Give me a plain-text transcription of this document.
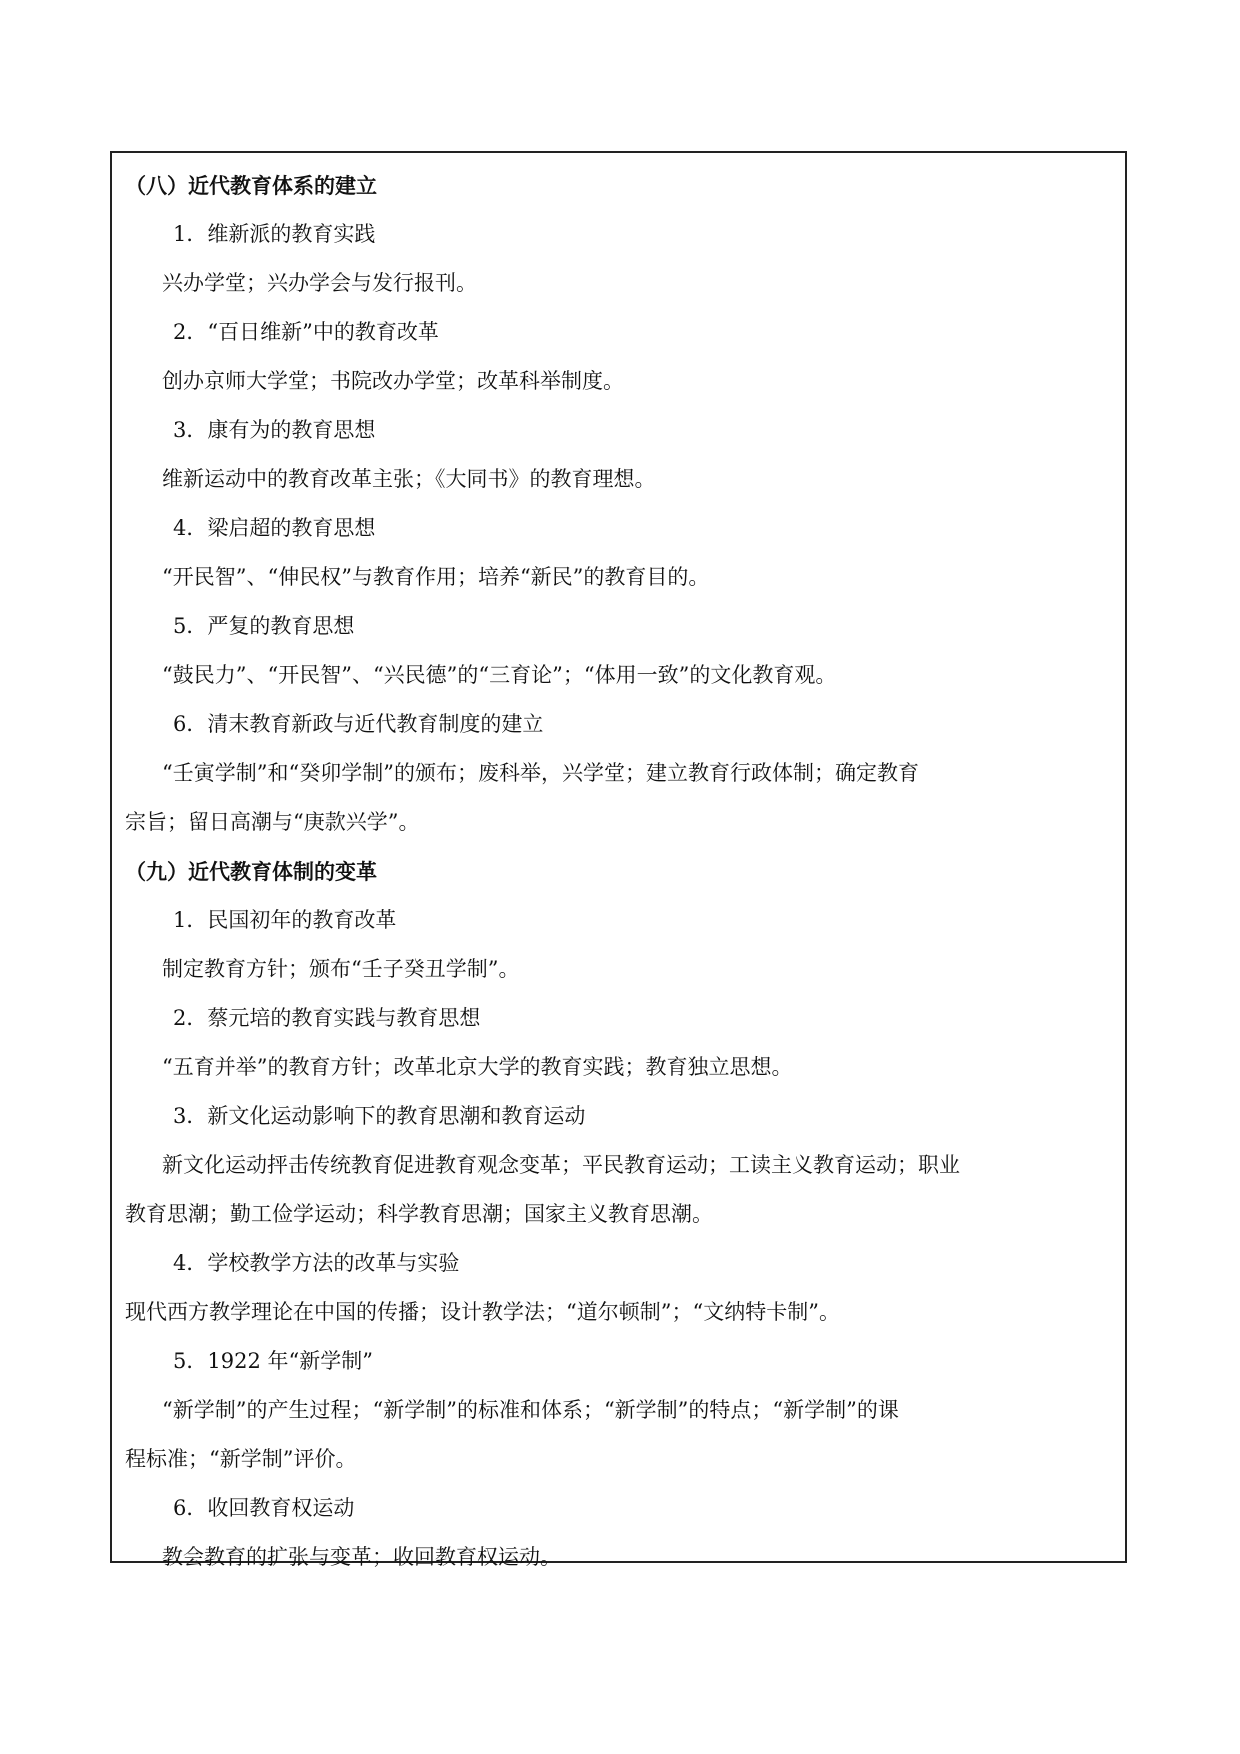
（八）近代教育体系的建立

1．维新派的教育实践

兴办学堂；兴办学会与发行报刊。

2．“百日维新”中的教育改革

创办京师大学堂；书院改办学堂；改革科举制度。

3．康有为的教育思想

维新运动中的教育改革主张；《大同书》的教育理想。

4．梁启超的教育思想

“开民智”、“伸民权”与教育作用；培养“新民”的教育目的。

5．严复的教育思想

“鼓民力”、“开民智”、“兴民德”的“三育论”；“体用一致”的文化教育观。

6．清末教育新政与近代教育制度的建立

“壬寅学制”和“癸卯学制”的颁布；废科举，兴学堂；建立教育行政体制；确定教育

宗旨；留日高潮与“庚款兴学”。

（九）近代教育体制的变革

1．民国初年的教育改革

制定教育方针；颁布“壬子癸丑学制”。

2．蔡元培的教育实践与教育思想

“五育并举”的教育方针；改革北京大学的教育实践；教育独立思想。

3．新文化运动影响下的教育思潮和教育运动

新文化运动抨击传统教育促进教育观念变革；平民教育运动；工读主义教育运动；职业

教育思潮；勤工俭学运动；科学教育思潮；国家主义教育思潮。

4．学校教学方法的改革与实验

现代西方教学理论在中国的传播；设计教学法；“道尔顿制”；“文纳特卡制”。

5．1922 年“新学制”

“新学制”的产生过程；“新学制”的标准和体系；“新学制”的特点；“新学制”的课

程标准；“新学制”评价。

6．收回教育权运动

教会教育的扩张与变革；收回教育权运动。
